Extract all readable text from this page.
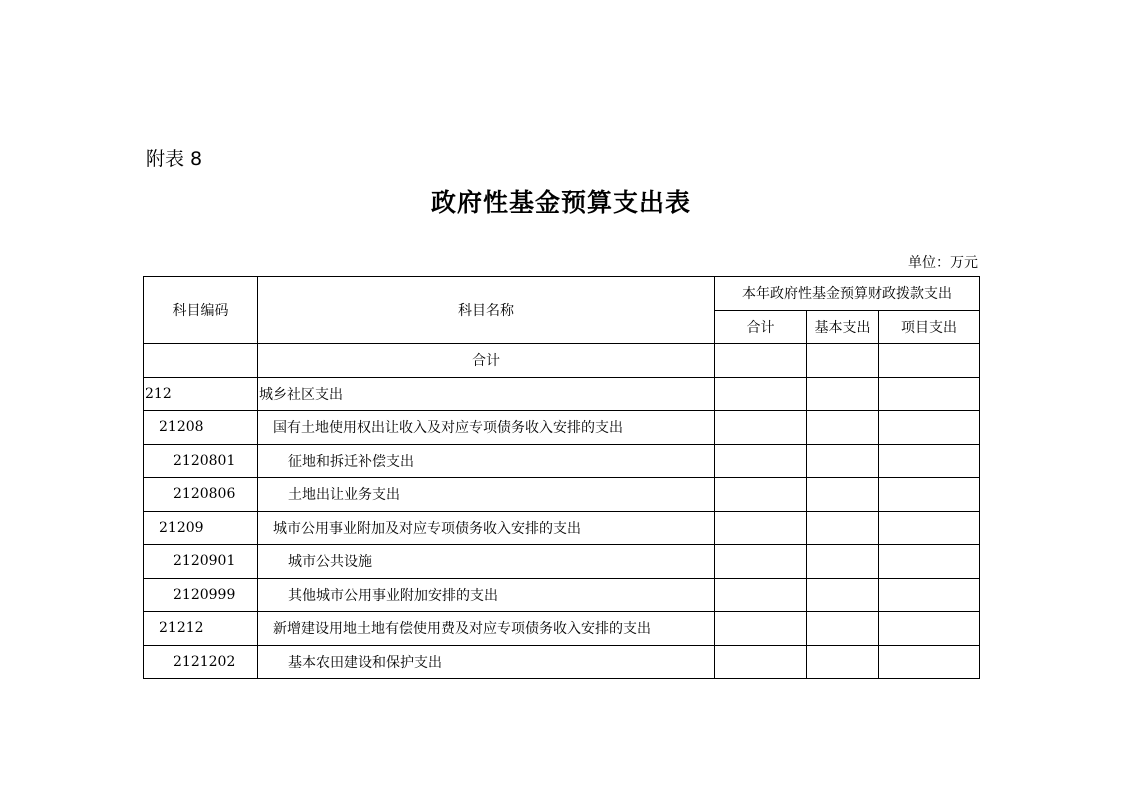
附表 8

政府性基金预算支出表
单位：万元
科目编码	科目名称	本年政府性基金预算财政拨款支出		
		合计	基本支出	项目支出
	合计			
212	城乡社区支出			
21208	国有土地使用权出让收入及对应专项债务收入安排的支出			
2120801	征地和拆迁补偿支出			
2120806	土地出让业务支出			
21209	城市公用事业附加及对应专项债务收入安排的支出			
2120901	城市公共设施			
2120999	其他城市公用事业附加安排的支出			
21212	新增建设用地土地有偿使用费及对应专项债务收入安排的支出			
2121202	基本农田建设和保护支出			
